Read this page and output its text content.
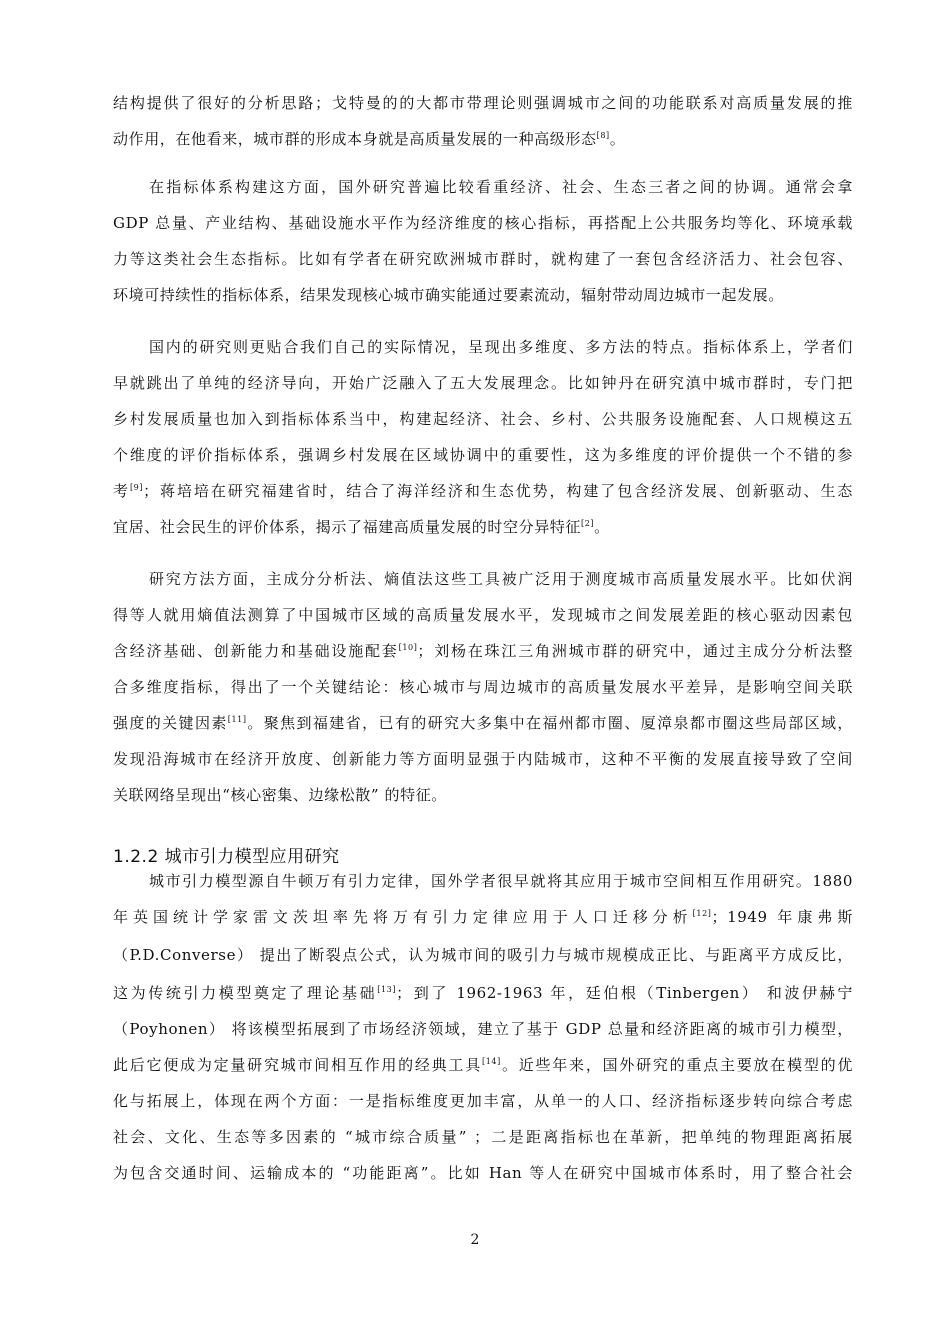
结构提供了很好的分析思路；戈特曼的的大都市带理论则强调城市之间的功能联系对高质量发展的推
动作用，在他看来，城市群的形成本身就是高质量发展的一种高级形态[8]。
在指标体系构建这方面，国外研究普遍比较看重经济、社会、生态三者之间的协调。通常会拿
GDP 总量、产业结构、基础设施水平作为经济维度的核心指标，再搭配上公共服务均等化、环境承载
力等这类社会生态指标。比如有学者在研究欧洲城市群时，就构建了一套包含经济活力、社会包容、
环境可持续性的指标体系，结果发现核心城市确实能通过要素流动，辐射带动周边城市一起发展。
国内的研究则更贴合我们自己的实际情况，呈现出多维度、多方法的特点。指标体系上，学者们
早就跳出了单纯的经济导向，开始广泛融入了五大发展理念。比如钟丹在研究滇中城市群时，专门把
乡村发展质量也加入到指标体系当中，构建起经济、社会、乡村、公共服务设施配套、人口规模这五
个维度的评价指标体系，强调乡村发展在区域协调中的重要性，这为多维度的评价提供一个不错的参
考[9]；蒋培培在研究福建省时，结合了海洋经济和生态优势，构建了包含经济发展、创新驱动、生态
宜居、社会民生的评价体系，揭示了福建高质量发展的时空分异特征[2]。
研究方法方面，主成分分析法、熵值法这些工具被广泛用于测度城市高质量发展水平。比如伏润
得等人就用熵值法测算了中国城市区域的高质量发展水平，发现城市之间发展差距的核心驱动因素包
含经济基础、创新能力和基础设施配套[10]；刘杨在珠江三角洲城市群的研究中，通过主成分分析法整
合多维度指标，得出了一个关键结论：核心城市与周边城市的高质量发展水平差异，是影响空间关联
强度的关键因素[11]。聚焦到福建省，已有的研究大多集中在福州都市圈、厦漳泉都市圈这些局部区域，
发现沿海城市在经济开放度、创新能力等方面明显强于内陆城市，这种不平衡的发展直接导致了空间
关联网络呈现出“核心密集、边缘松散” 的特征。
城市引力模型源自牛顿万有引力定律，国外学者很早就将其应用于城市空间相互作用研究。1880
年英国统计学家雷文茨坦率先将万有引力定律应用于人口迁移分析[12]；1949 年康弗斯
（P.D.Converse） 提出了断裂点公式，认为城市间的吸引力与城市规模成正比、与距离平方成反比，
这为传统引力模型奠定了理论基础[13]；到了 1962-1963 年，廷伯根（Tinbergen） 和波伊赫宁
（Poyhonen） 将该模型拓展到了市场经济领域，建立了基于 GDP 总量和经济距离的城市引力模型，
此后它便成为定量研究城市间相互作用的经典工具[14]。近些年来，国外研究的重点主要放在模型的优
化与拓展上，体现在两个方面：一是指标维度更加丰富，从单一的人口、经济指标逐步转向综合考虑
社会、文化、生态等多因素的 “城市综合质量” ；二是距离指标也在革新，把单纯的物理距离拓展
为包含交通时间、运输成本的 “功能距离”。比如 Han 等人在研究中国城市体系时，用了整合社会
1.2.2 城市引力模型应用研究
2
